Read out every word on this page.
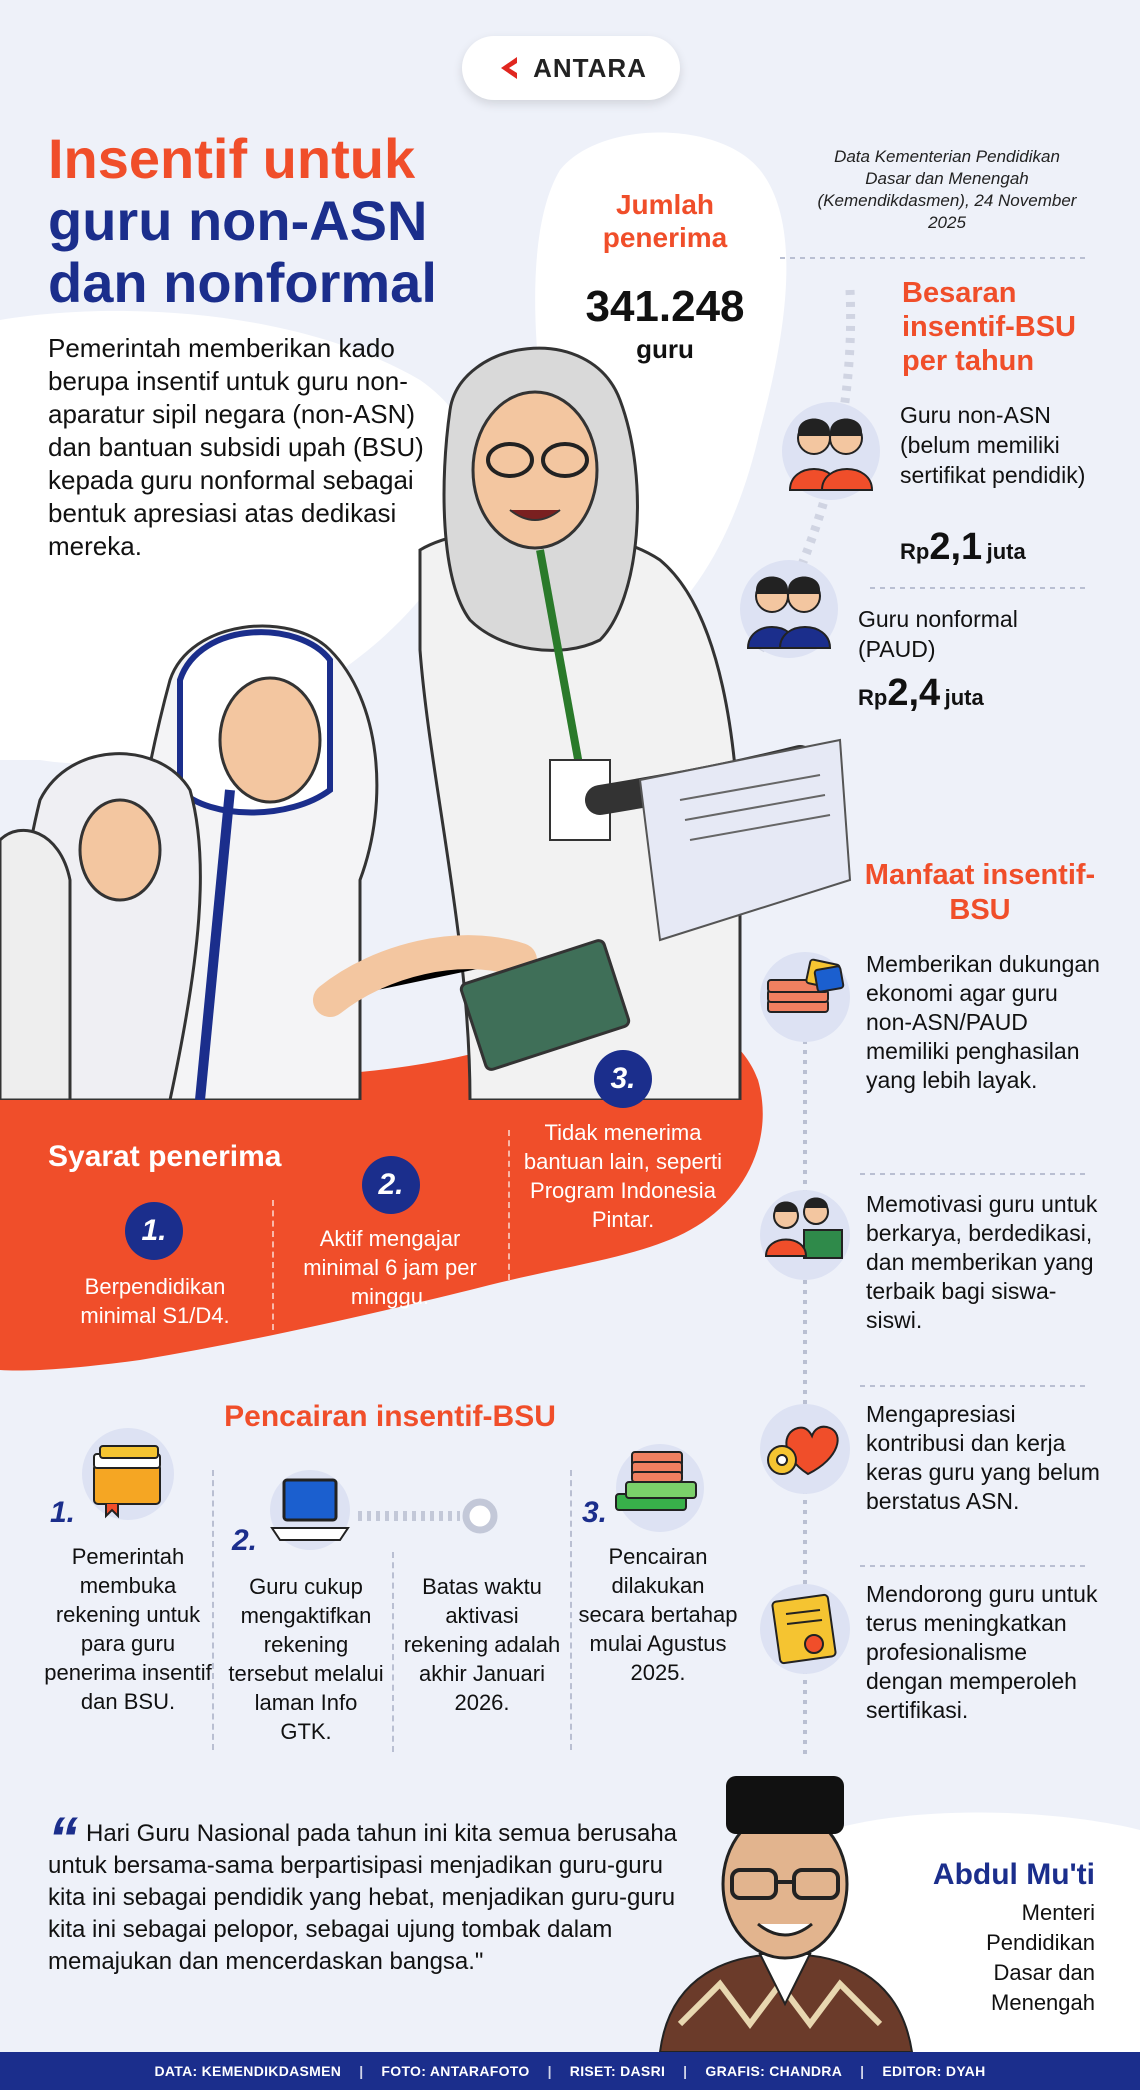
ANTARA
Insentif untuk
guru non-ASN
dan nonformal
Pemerintah memberikan kado berupa insentif untuk guru non-aparatur sipil negara (non-ASN) dan bantuan subsidi upah (BSU) kepada guru nonformal sebagai bentuk apresiasi atas dedikasi mereka.
Data Kementerian Pendidikan Dasar dan Menengah (Kemendikdasmen), 24 November 2025
Jumlah penerima
341.248
guru
Besaran insentif-BSU per tahun
Guru non-ASN (belum memiliki sertifikat pendidik)
Rp2,1 juta
Guru nonformal (PAUD)
Rp2,4 juta
Manfaat insentif-BSU
Memberikan dukungan ekonomi agar guru non-ASN/PAUD memiliki penghasilan yang lebih layak.
Memotivasi guru untuk berkarya, berdedikasi, dan memberikan yang terbaik bagi siswa-siswi.
Mengapresiasi kontribusi dan kerja keras guru yang belum berstatus ASN.
Mendorong guru untuk terus meningkatkan profesionalisme dengan memperoleh sertifikasi.
Syarat penerima
1.
Berpendidikan minimal S1/D4.
2.
Aktif mengajar minimal 6 jam per minggu.
3.
Tidak menerima bantuan lain, seperti Program Indonesia Pintar.
Pencairan insentif-BSU
1.
Pemerintah membuka rekening untuk para guru penerima insentif dan BSU.
2.
Guru cukup mengaktifkan rekening tersebut melalui laman Info GTK.
Batas waktu aktivasi rekening adalah akhir Januari 2026.
3.
Pencairan dilakukan secara bertahap mulai Agustus 2025.
“ Hari Guru Nasional pada tahun ini kita semua berusaha untuk bersama-sama berpartisipasi menjadikan guru-guru kita ini sebagai pendidik yang hebat, menjadikan guru-guru kita ini sebagai pelopor, sebagai ujung tombak dalam memajukan dan mencerdaskan bangsa."
Abdul Mu'ti
Menteri Pendidikan Dasar dan Menengah
DATA: KEMENDIKDASMEN | FOTO: ANTARAFOTO | RISET: DASRI | GRAFIS: CHANDRA | EDITOR: DYAH
